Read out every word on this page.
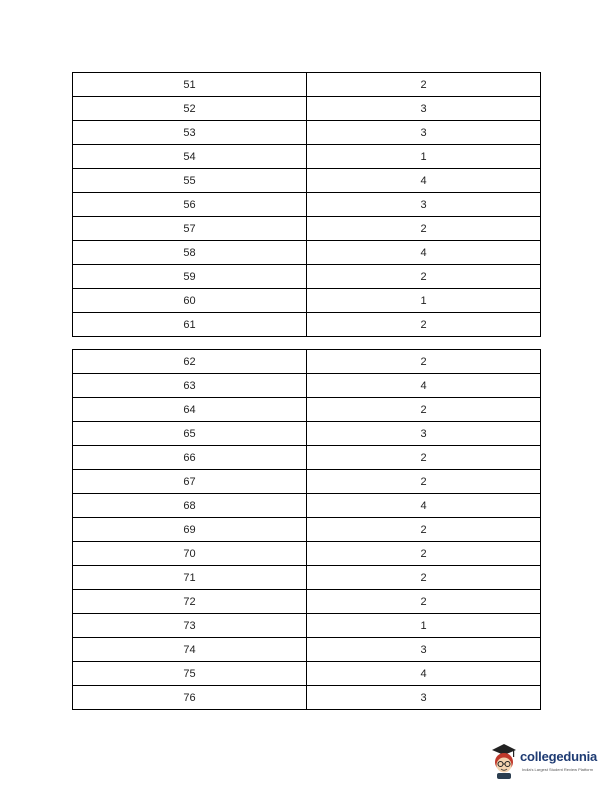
51	2
52	3
53	3
54	1
55	4
56	3
57	2
58	4
59	2
60	1
61	2
62	2
63	4
64	2
65	3
66	2
67	2
68	4
69	2
70	2
71	2
72	2
73	1
74	3
75	4
76	3
collegedunia
India's Largest Student Review Platform
